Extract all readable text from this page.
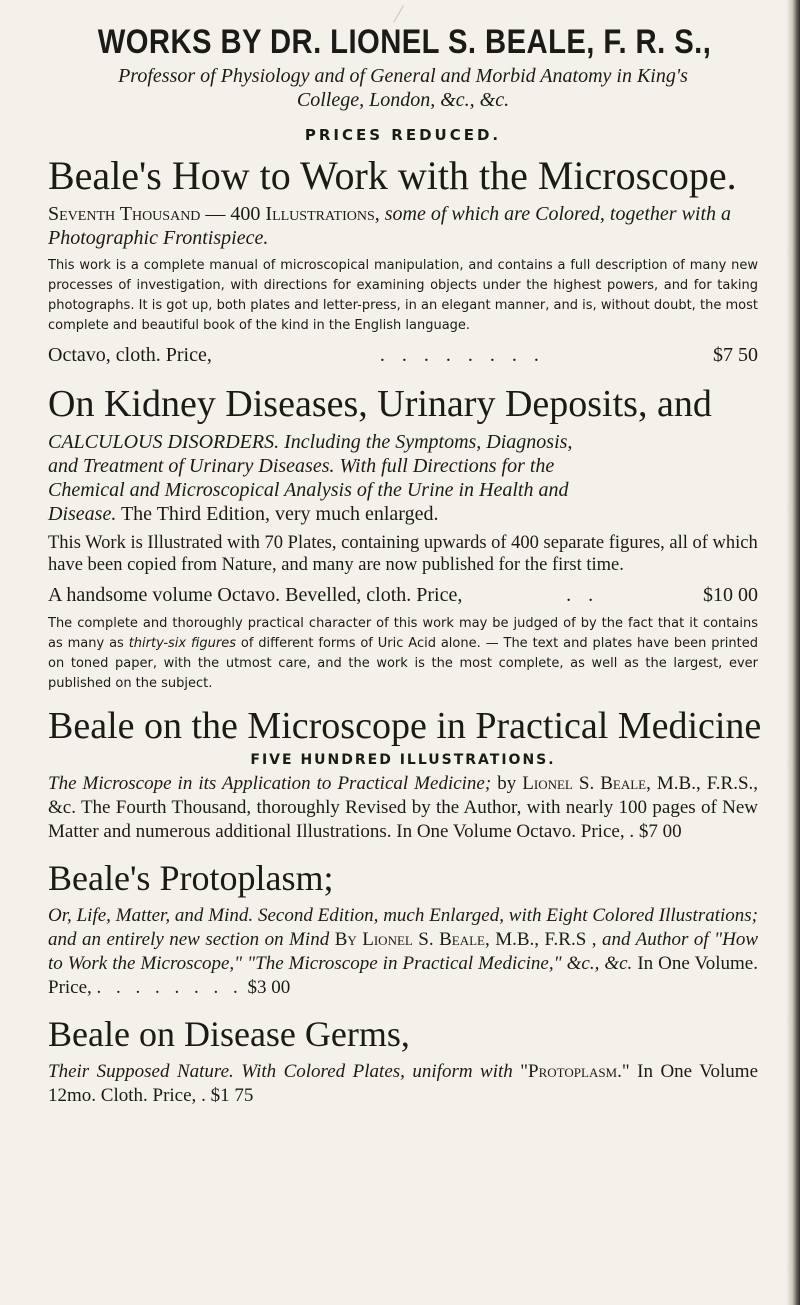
WORKS BY DR. LIONEL S. BEALE, F. R. S.,

Professor of Physiology and of General and Morbid Anatomy in King's

College, London, &c., &c.

PRICES REDUCED.
Beale's How to Work with the Microscope.

Seventh Thousand — 400 Illustrations, some of which are Colored, together with a Photographic Frontispiece.

This work is a complete manual of microscopical manipulation, and contains a full description of many new processes of investigation, with directions for examining objects under the highest powers, and for taking photographs. It is got up, both plates and letter-press, in an elegant manner, and is, without doubt, the most complete and beautiful book of the kind in the English language.

Octavo, cloth. Price,	. . . . . . . .	$7 50
On Kidney Diseases, Urinary Deposits, and

CALCULOUS DISORDERS. Including the Symptoms, Diagnosis,

and Treatment of Urinary Diseases. With full Directions for the

Chemical and Microscopical Analysis of the Urine in Health and

Disease. The Third Edition, very much enlarged.

This Work is Illustrated with 70 Plates, containing upwards of 400 separate figures, all of which have been copied from Nature, and many are now published for the first time.

A handsome volume Octavo. Bevelled, cloth. Price,	. .	$10 00

The complete and thoroughly practical character of this work may be judged of by the fact that it contains as many as thirty-six figures of different forms of Uric Acid alone. — The text and plates have been printed on toned paper, with the utmost care, and the work is the most complete, as well as the largest, ever published on the subject.

Beale on the Microscope in Practical Medicine
FIVE HUNDRED ILLUSTRATIONS.

The Microscope in its Application to Practical Medicine; by Lionel S. Beale, M.B., F.R.S., &c. The Fourth Thousand, thoroughly Revised by the Author, with nearly 100 pages of New Matter and numerous additional Illustrations. In One Volume Octavo. Price, . $7 00

Beale's Protoplasm;

Or, Life, Matter, and Mind. Second Edition, much Enlarged, with Eight Colored Illustrations; and an entirely new section on Mind By Lionel S. Beale, M.B., F.R.S , and Author of "How to Work the Microscope," "The Microscope in Practical Medicine," &c., &c. In One Volume. Price, . . . . . . . . $3 00

Beale on Disease Germs,

Their Supposed Nature. With Colored Plates, uniform with "Protoplasm." In One Volume 12mo. Cloth. Price, . $1 75
